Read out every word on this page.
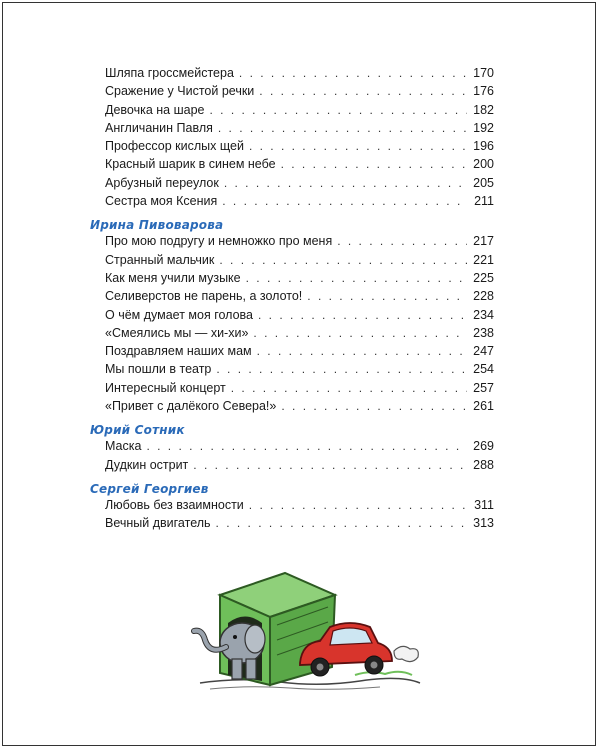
Шляпа гроссмейстера . . .	170
Сражение у Чистой речки . . .	176
Девочка на шаре . . .	182
Англичанин Павля . . .	192
Профессор кислых щей . . .	196
Красный шарик в синем небе . . .	200
Арбузный переулок . . .	205
Сестра моя Ксения . . .	211
Ирина Пивоварова
Про мою подругу и немножко про меня . . .	217
Странный мальчик . . .	221
Как меня учили музыке . . .	225
Селиверстов не парень, а золото! . . .	228
О чём думает моя голова . . .	234
«Смеялись мы — хи-хи» . . .	238
Поздравляем наших мам . . .	247
Мы пошли в театр . . .	254
Интересный концерт . . .	257
«Привет с далёкого Севера!» . . .	261
Юрий Сотник
Маска . . .	269
Дудкин острит . . .	288
Сергей Георгиев
Любовь без взаимности . . .	311
Вечный двигатель . . .	313
